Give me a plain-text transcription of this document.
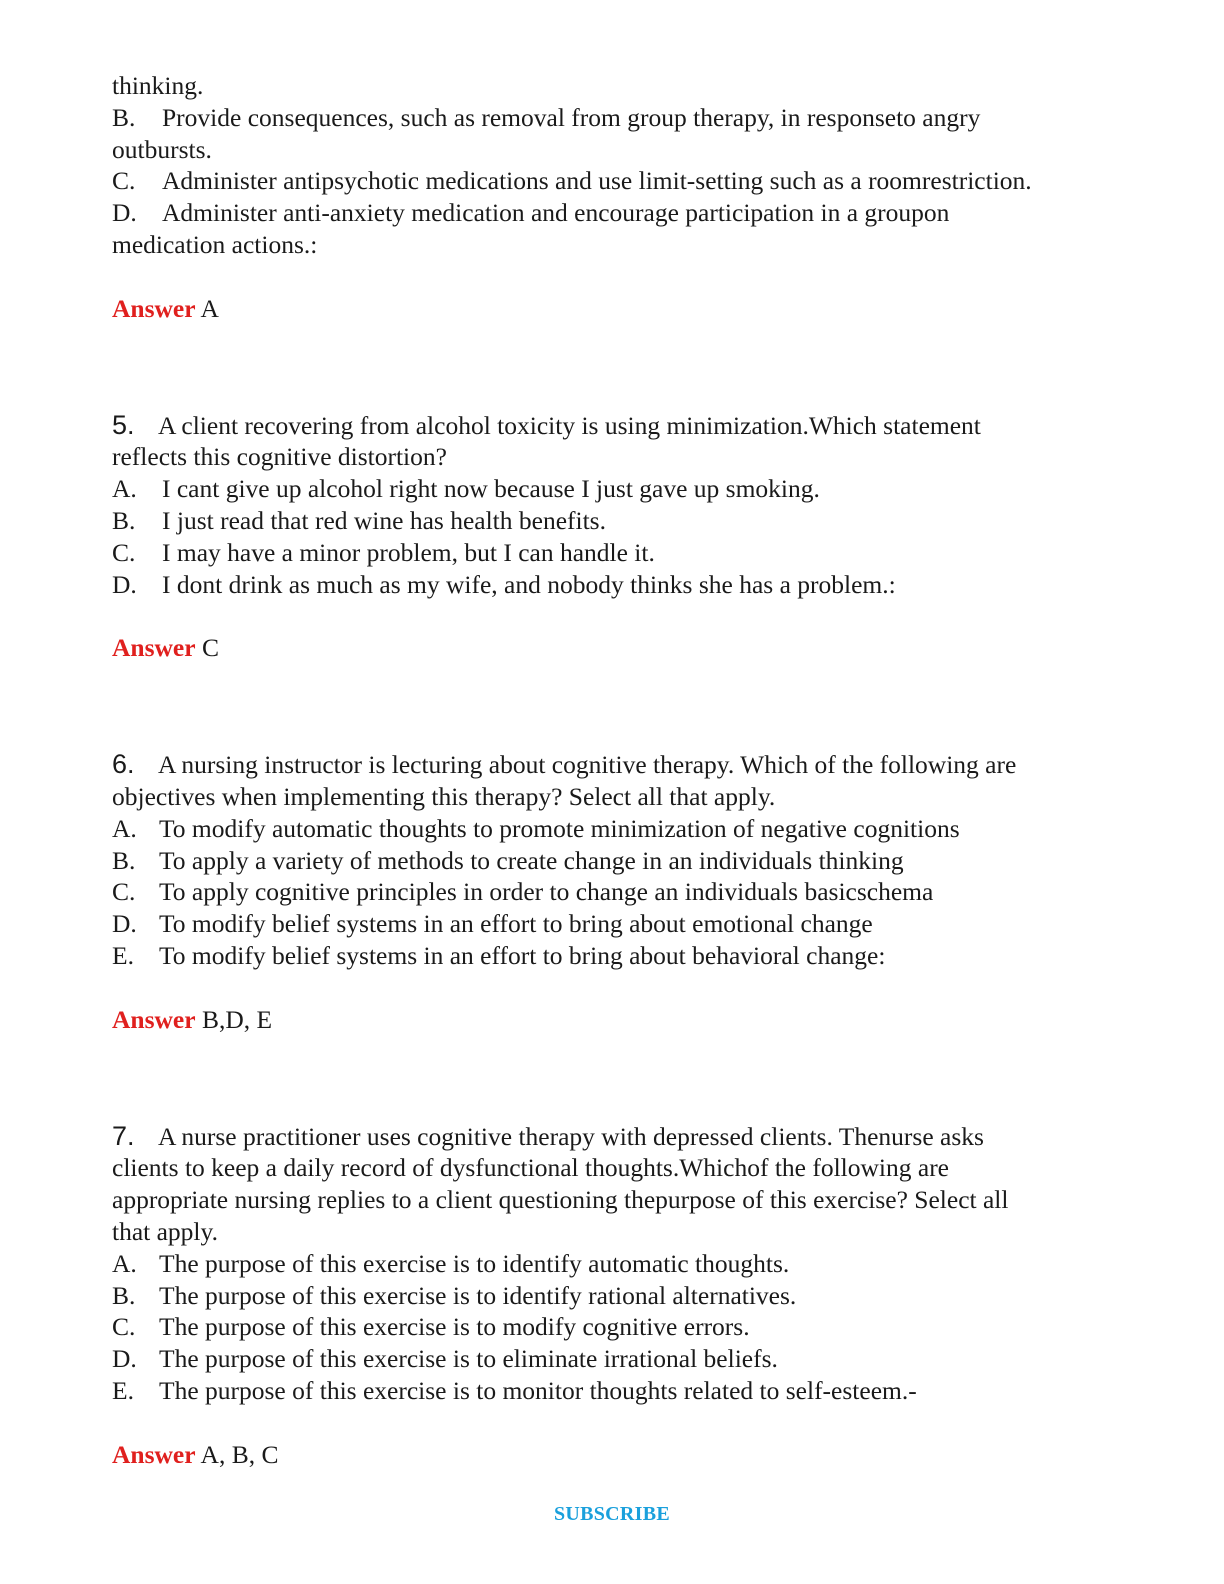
thinking.
B. Provide consequences, such as removal from group therapy, in responseto angry
outbursts.
C. Administer antipsychotic medications and use limit-setting such as a roomrestriction.
D. Administer anti-anxiety medication and encourage participation in a groupon
medication actions.:
Answer A
5. A client recovering from alcohol toxicity is using minimization.Which statement
reflects this cognitive distortion?
A. I cant give up alcohol right now because I just gave up smoking.
B. I just read that red wine has health benefits.
C. I may have a minor problem, but I can handle it.
D. I dont drink as much as my wife, and nobody thinks she has a problem.:
Answer C
6. A nursing instructor is lecturing about cognitive therapy. Which of the following are
objectives when implementing this therapy? Select all that apply.
A. To modify automatic thoughts to promote minimization of negative cognitions
B. To apply a variety of methods to create change in an individuals thinking
C. To apply cognitive principles in order to change an individuals basicschema
D. To modify belief systems in an effort to bring about emotional change
E. To modify belief systems in an effort to bring about behavioral change:
Answer B,D, E
7. A nurse practitioner uses cognitive therapy with depressed clients. Thenurse asks
clients to keep a daily record of dysfunctional thoughts.Whichof the following are
appropriate nursing replies to a client questioning thepurpose of this exercise? Select all
that apply.
A. The purpose of this exercise is to identify automatic thoughts.
B. The purpose of this exercise is to identify rational alternatives.
C. The purpose of this exercise is to modify cognitive errors.
D. The purpose of this exercise is to eliminate irrational beliefs.
E. The purpose of this exercise is to monitor thoughts related to self-esteem.-
Answer A, B, C
SUBSCRIBE
